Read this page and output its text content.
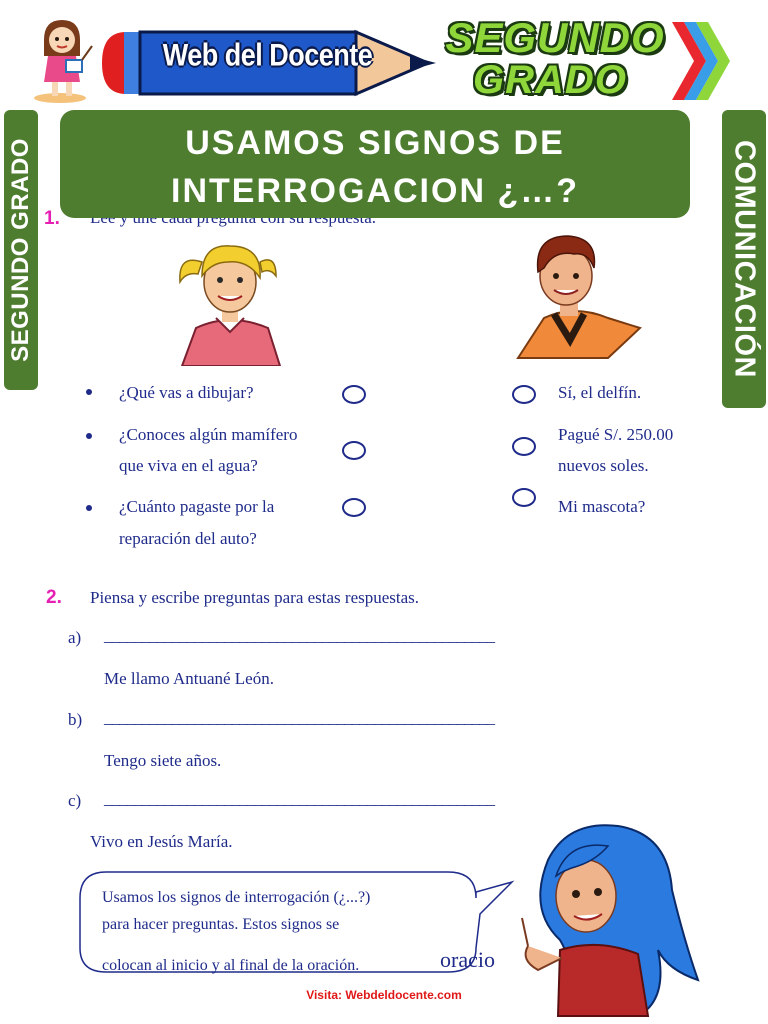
Web del Docente	SEGUNDO
GRADO
SEGUNDO GRADO	COMUNICACIÓN
1.
USAMOS SIGNOS DE
INTERROGACION ¿…?
¿Qué vas a dibujar?
¿Conoces algún mamífero
que viva en el agua?
¿Cuánto pagaste por la
reparación del auto?
Sí, el delfín.
Pagué S/. 250.00
nuevos soles.
Mi mascota?
2. Piensa y escribe preguntas para estas respuestas.
a) ____________________________________________________
Me llamo Antuané León.
b) ____________________________________________________
Tengo siete años.
c) ____________________________________________________
Vivo en Jesús María.
Usamos los signos de interrogación (¿...?)
para hacer preguntas. Estos signos se
colocan al inicio y al final de la oración.	oracio
Visita: Webdeldocente.com
